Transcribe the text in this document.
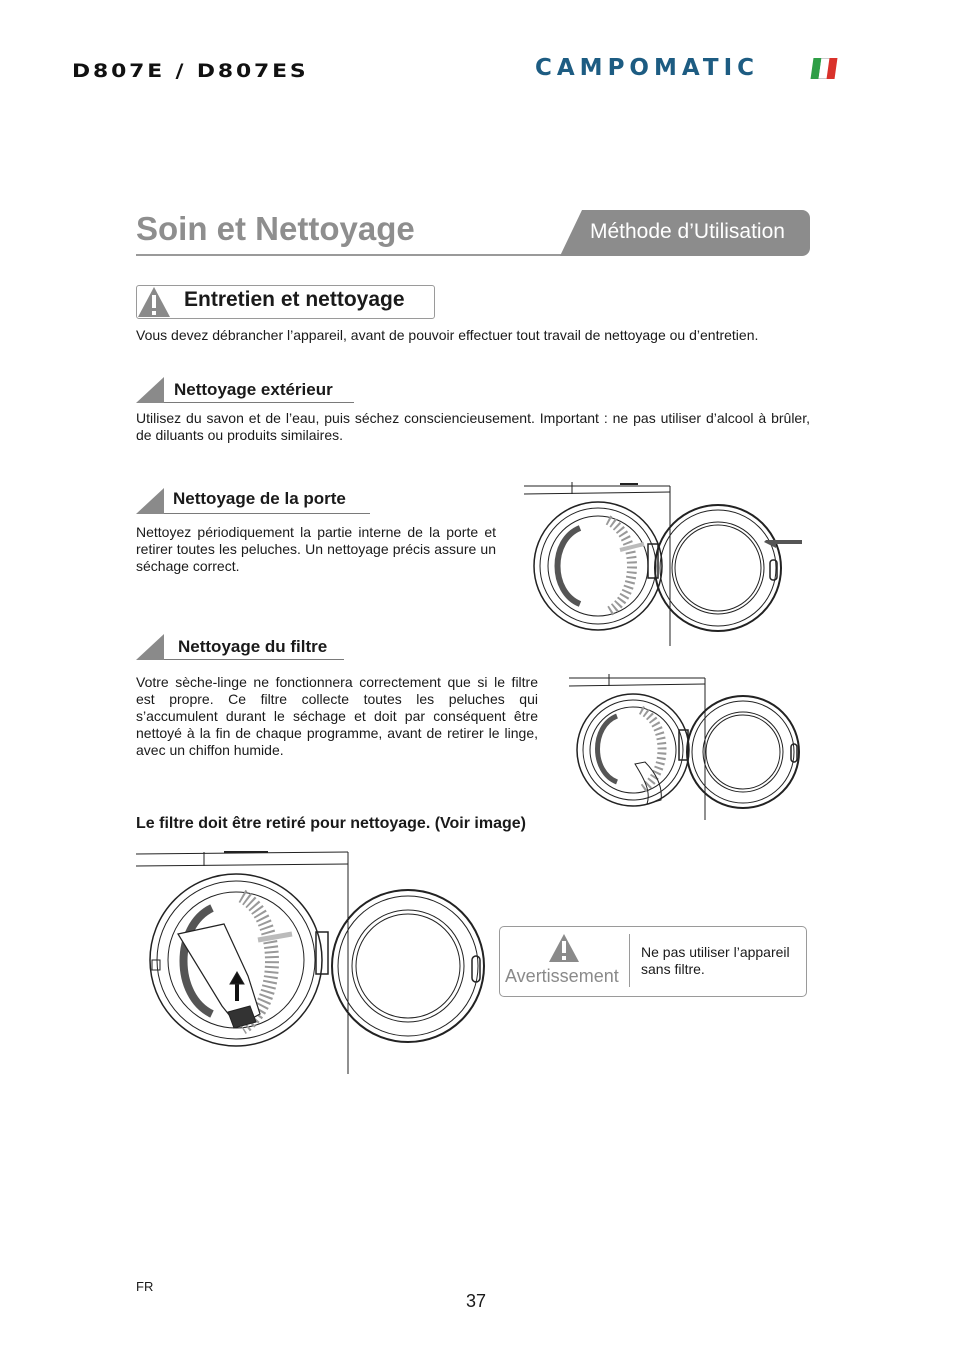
D807E / D807ES	CAMPOMATIC
Soin et Nettoyage	Méthode d’Utilisation
Entretien et nettoyage
Vous devez débrancher l’appareil, avant de pouvoir effectuer tout travail de nettoyage ou d’entretien.
Nettoyage extérieur
Utilisez du savon et de l’eau, puis séchez consciencieusement. Important : ne pas utiliser d’alcool à brûler, de diluants ou produits similaires.
Nettoyage de la porte
Nettoyez périodiquement la partie interne de la porte et retirer toutes les peluches. Un nettoyage précis assure un séchage correct.
Nettoyage du filtre
Votre sèche-linge ne fonctionnera correctement que si le filtre est propre. Ce filtre collecte toutes les peluches qui s’accumulent durant le séchage et doit par conséquent être nettoyé à la fin de chaque programme, avant de retirer le linge, avec un chiffon humide.
Le filtre doit être retiré pour nettoyage. (Voir image)
Avertissement
Ne pas utiliser l’appareil sans filtre.
FR
37
